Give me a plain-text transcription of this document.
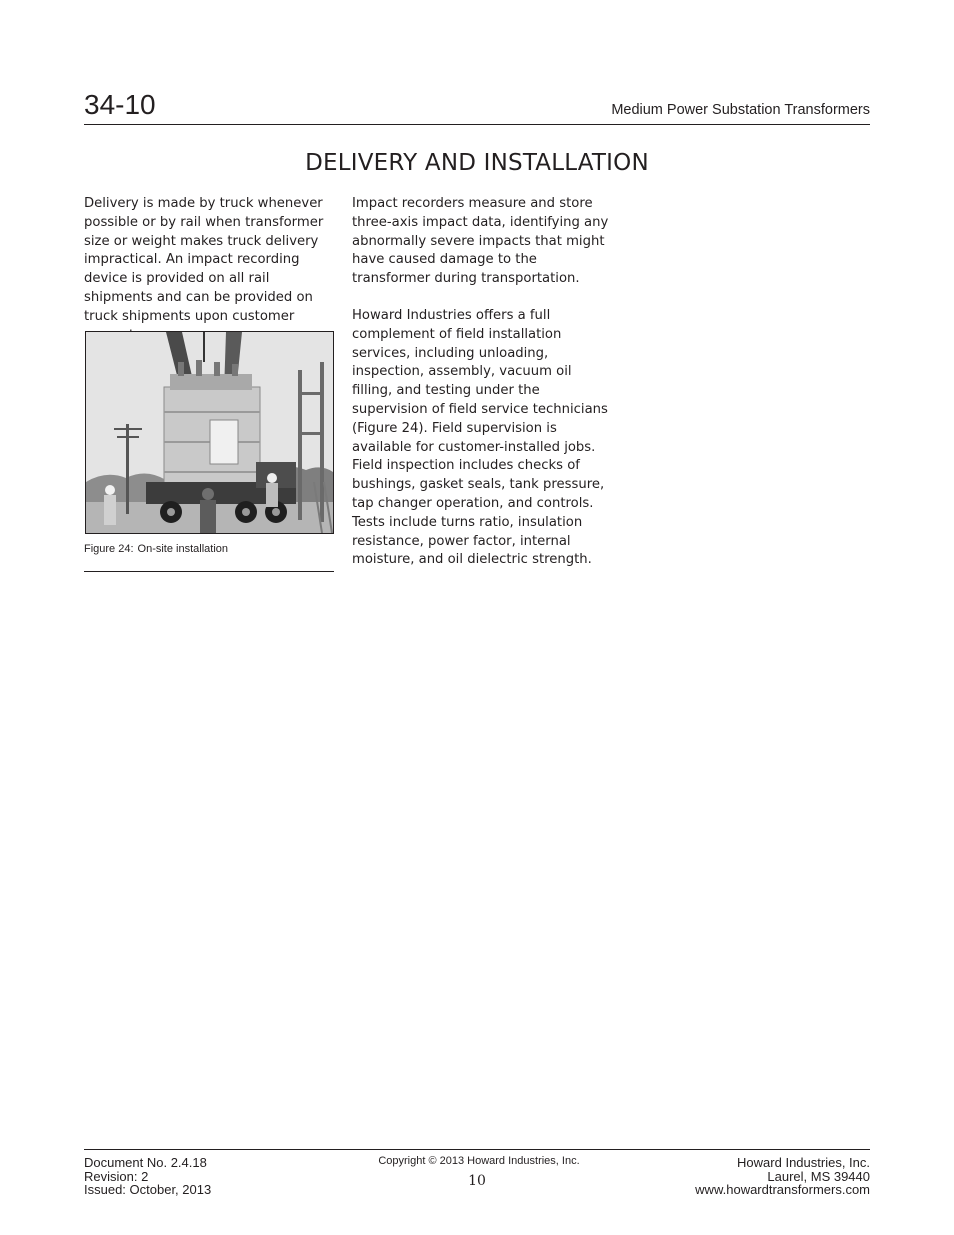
34-10	Medium Power Substation Transformers
DELIVERY AND INSTALLATION

Delivery is made by truck whenever possible or by rail when transformer size or weight makes truck delivery impractical. An impact recording device is provided on all rail shipments and can be provided on truck shipments upon customer

Figure 24: On-site installation

Impact recorders measure and store three-axis impact data, identifying any abnormally severe impacts that might have caused damage to the transformer during transportation.

Howard Industries offers a full complement of field installation services, including unloading, inspection, assembly, vacuum oil filling, and testing under the supervision of field service technicians (Figure 24). Field supervision is available for customer-installed jobs. Field inspection includes checks of bushings, gasket seals, tank pressure, tap changer operation, and controls. Tests include turns ratio, insulation resistance, power factor, internal moisture, and oil dielectric strength.

Document No. 2.4.18
Revision: 2
Issued: October, 2013
Copyright © 2013 Howard Industries, Inc.
10
Howard Industries, Inc.
Laurel, MS 39440
www.howardtransformers.com
